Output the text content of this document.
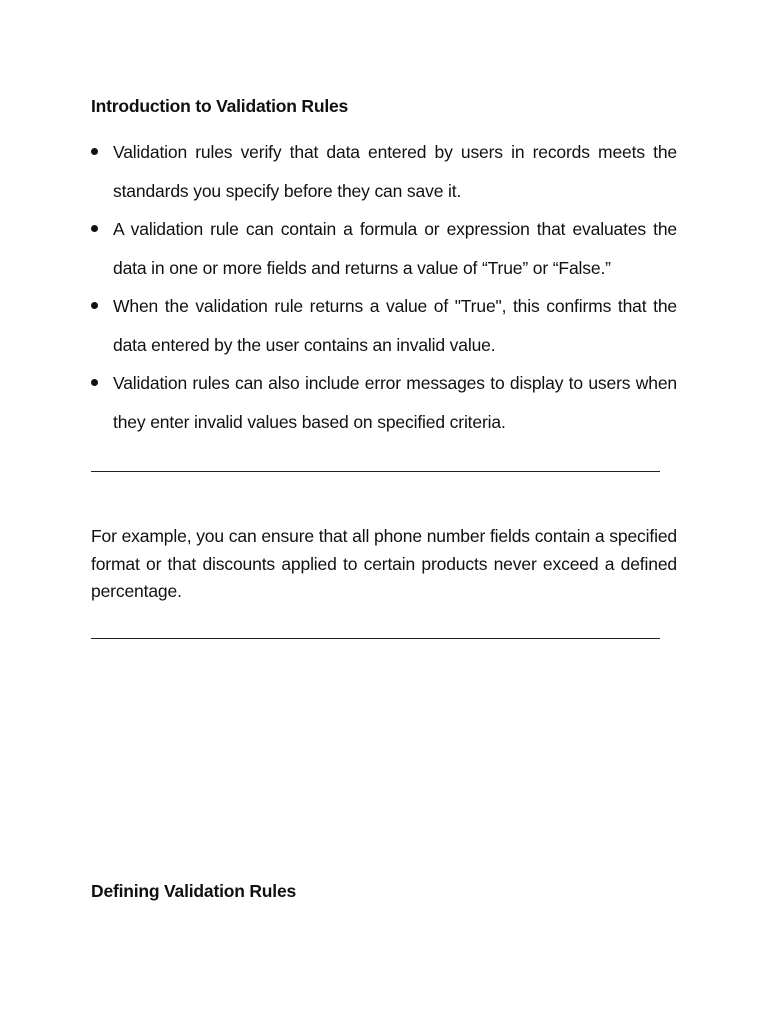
Introduction to Validation Rules
Validation rules verify that data entered by users in records meets the standards you specify before they can save it.
A validation rule can contain a formula or expression that evaluates the data in one or more fields and returns a value of “True” or “False.”
When the validation rule returns a value of "True", this confirms that the data entered by the user contains an invalid value.
Validation rules can also include error messages to display to users when they enter invalid values based on specified criteria.

For example, you can ensure that all phone number fields contain a specified format or that discounts applied to certain products never exceed a defined percentage.

Defining Validation Rules
